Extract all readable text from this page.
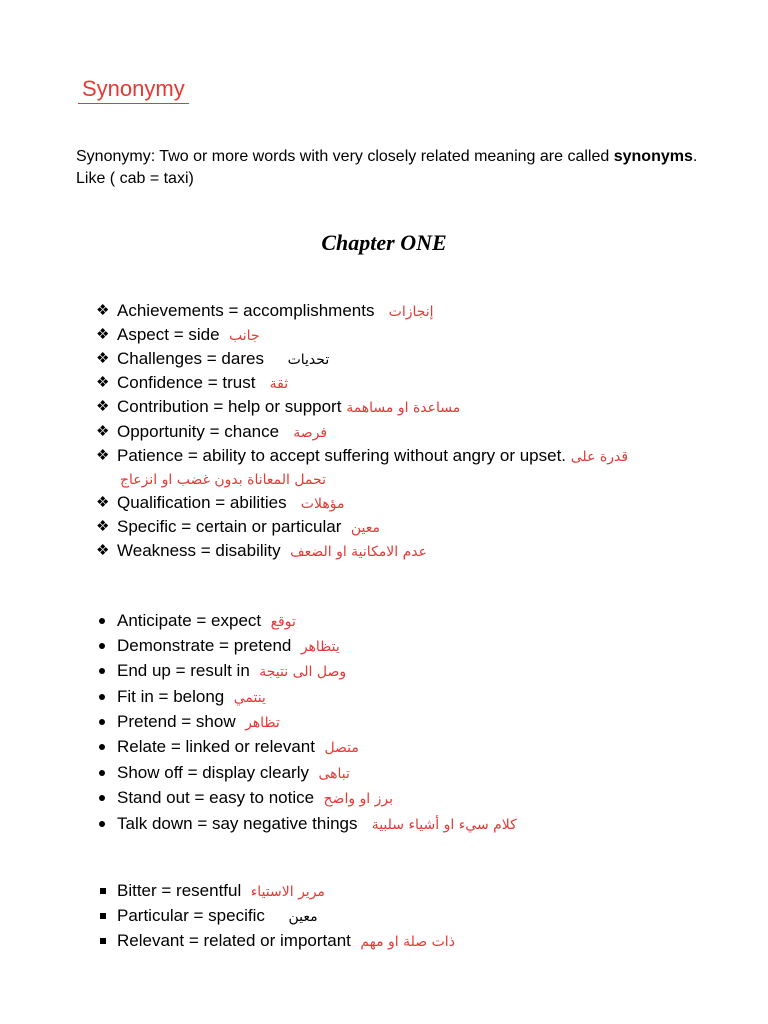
Synonymy
Synonymy: Two or more words with very closely related meaning are called synonyms. Like ( cab = taxi)
Chapter ONE
❖ Achievements = accomplishments إنجازات
❖ Aspect = side جانب
❖ Challenges = dares تحديات
❖ Confidence = trust ثقة
❖ Contribution = help or support مساعدة او مساهمة
❖ Opportunity = chance فرصة
❖ Patience = ability to accept suffering without angry or upset. قدرة على
تحمل المعاناة بدون غضب او انزعاج
❖ Qualification = abilities مؤهلات
❖ Specific = certain or particular معين
❖ Weakness = disability عدم الامكانية او الضعف
Anticipate = expect توقع
Demonstrate = pretend يتظاهر
End up = result in وصل الى نتيجة
Fit in = belong ينتمي
Pretend = show تظاهر
Relate = linked or relevant متصل
Show off = display clearly تباهى
Stand out = easy to notice برز او واضح
Talk down = say negative things كلام سيء او أشياء سلبية
Bitter = resentful مرير الاستياء
Particular = specific معين
Relevant = related or important ذات صلة او مهم
